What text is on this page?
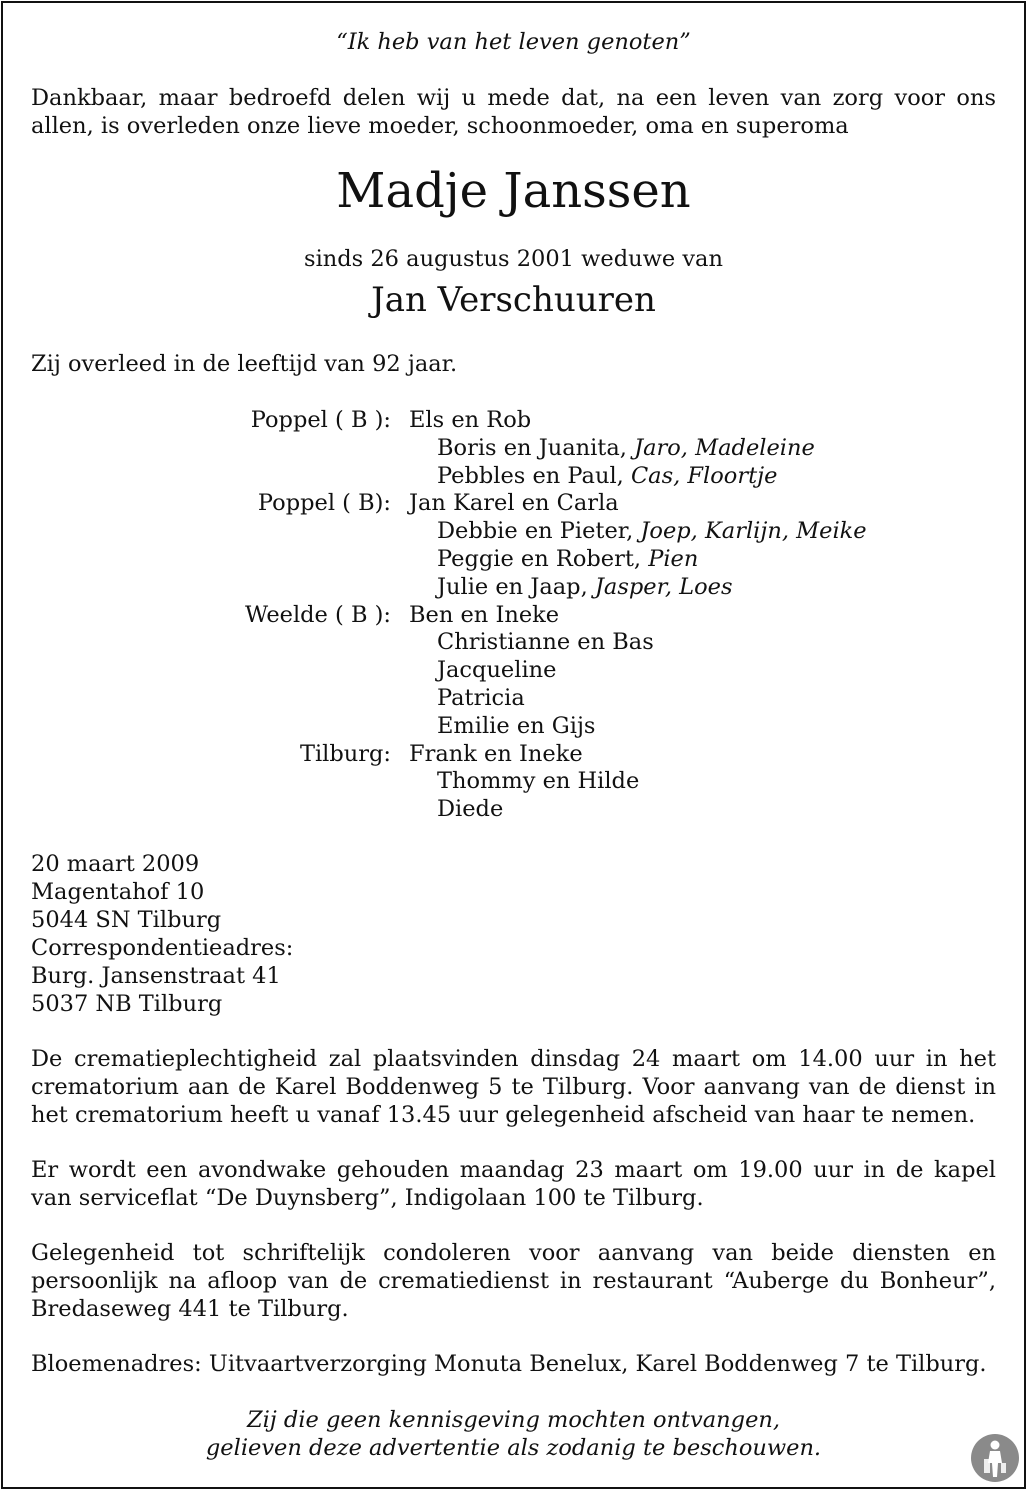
“Ik heb van het leven genoten”
Dankbaar, maar bedroefd delen wij u mede dat, na een leven van zorg voor ons allen, is overleden onze lieve moeder, schoonmoeder, oma en superoma
Madje Janssen
sinds 26 augustus 2001 weduwe van
Jan Verschuuren
Zij overleed in de leeftijd van 92 jaar.
Poppel ( B ): Els en Rob
Boris en Juanita, Jaro, Madeleine
Pebbles en Paul, Cas, Floortje
Poppel ( B): Jan Karel en Carla
Debbie en Pieter, Joep, Karlijn, Meike
Peggie en Robert, Pien
Julie en Jaap, Jasper, Loes
Weelde ( B ): Ben en Ineke
Christianne en Bas
Jacqueline
Patricia
Emilie en Gijs
Tilburg: Frank en Ineke
Thommy en Hilde
Diede
20 maart 2009
Magentahof 10
5044 SN Tilburg
Correspondentieadres:
Burg. Jansenstraat 41
5037 NB Tilburg
De crematieplechtigheid zal plaatsvinden dinsdag 24 maart om 14.00 uur in het crematorium aan de Karel Boddenweg 5 te Tilburg. Voor aanvang van de dienst in het crematorium heeft u vanaf 13.45 uur gelegenheid afscheid van haar te nemen.
Er wordt een avondwake gehouden maandag 23 maart om 19.00 uur in de kapel van serviceflat “De Duynsberg”, Indigolaan 100 te Tilburg.
Gelegenheid tot schriftelijk condoleren voor aanvang van beide diensten en persoonlijk na afloop van de crematiedienst in restaurant “Auberge du Bonheur”, Bredaseweg 441 te Tilburg.
Bloemenadres: Uitvaartverzorging Monuta Benelux, Karel Boddenweg 7 te Tilburg.
Zij die geen kennisgeving mochten ontvangen,
gelieven deze advertentie als zodanig te beschouwen.
